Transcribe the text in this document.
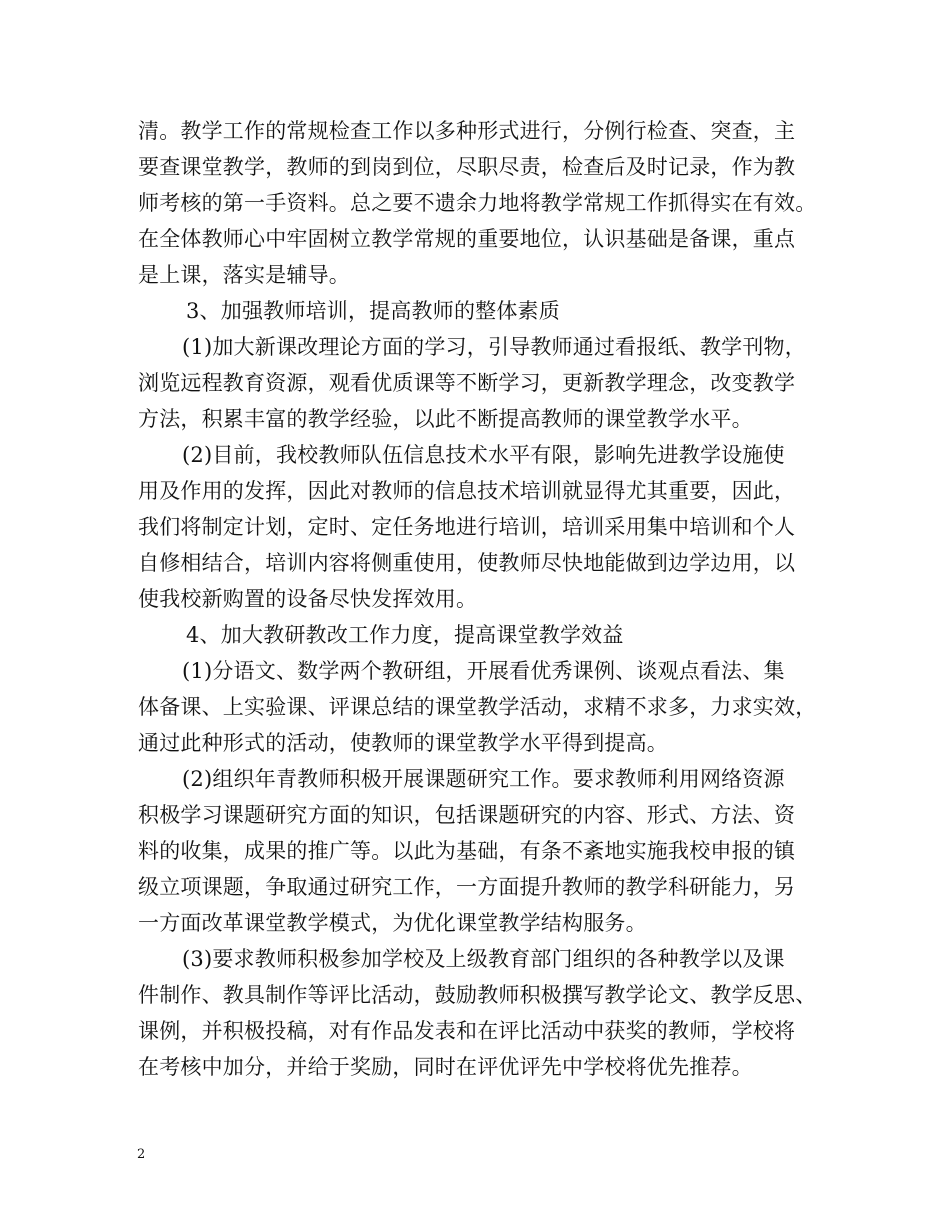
清。教学工作的常规检查工作以多种形式进行，分例行检查、突查，主
要查课堂教学，教师的到岗到位，尽职尽责，检查后及时记录，作为教
师考核的第一手资料。总之要不遗余力地将教学常规工作抓得实在有效。
在全体教师心中牢固树立教学常规的重要地位，认识基础是备课，重点
是上课，落实是辅导。
3、加强教师培训，提高教师的整体素质
(1)加大新课改理论方面的学习，引导教师通过看报纸、教学刊物，
浏览远程教育资源，观看优质课等不断学习，更新教学理念，改变教学
方法，积累丰富的教学经验，以此不断提高教师的课堂教学水平。
(2)目前，我校教师队伍信息技术水平有限，影响先进教学设施使
用及作用的发挥，因此对教师的信息技术培训就显得尤其重要，因此，
我们将制定计划，定时、定任务地进行培训，培训采用集中培训和个人
自修相结合，培训内容将侧重使用，使教师尽快地能做到边学边用，以
使我校新购置的设备尽快发挥效用。
4、加大教研教改工作力度，提高课堂教学效益
(1)分语文、数学两个教研组，开展看优秀课例、谈观点看法、集
体备课、上实验课、评课总结的课堂教学活动，求精不求多，力求实效，
通过此种形式的活动，使教师的课堂教学水平得到提高。
(2)组织年青教师积极开展课题研究工作。要求教师利用网络资源
积极学习课题研究方面的知识，包括课题研究的内容、形式、方法、资
料的收集，成果的推广等。以此为基础，有条不紊地实施我校申报的镇
级立项课题，争取通过研究工作，一方面提升教师的教学科研能力，另
一方面改革课堂教学模式，为优化课堂教学结构服务。
(3)要求教师积极参加学校及上级教育部门组织的各种教学以及课
件制作、教具制作等评比活动，鼓励教师积极撰写教学论文、教学反思、
课例，并积极投稿，对有作品发表和在评比活动中获奖的教师，学校将
在考核中加分，并给于奖励，同时在评优评先中学校将优先推荐。
2
